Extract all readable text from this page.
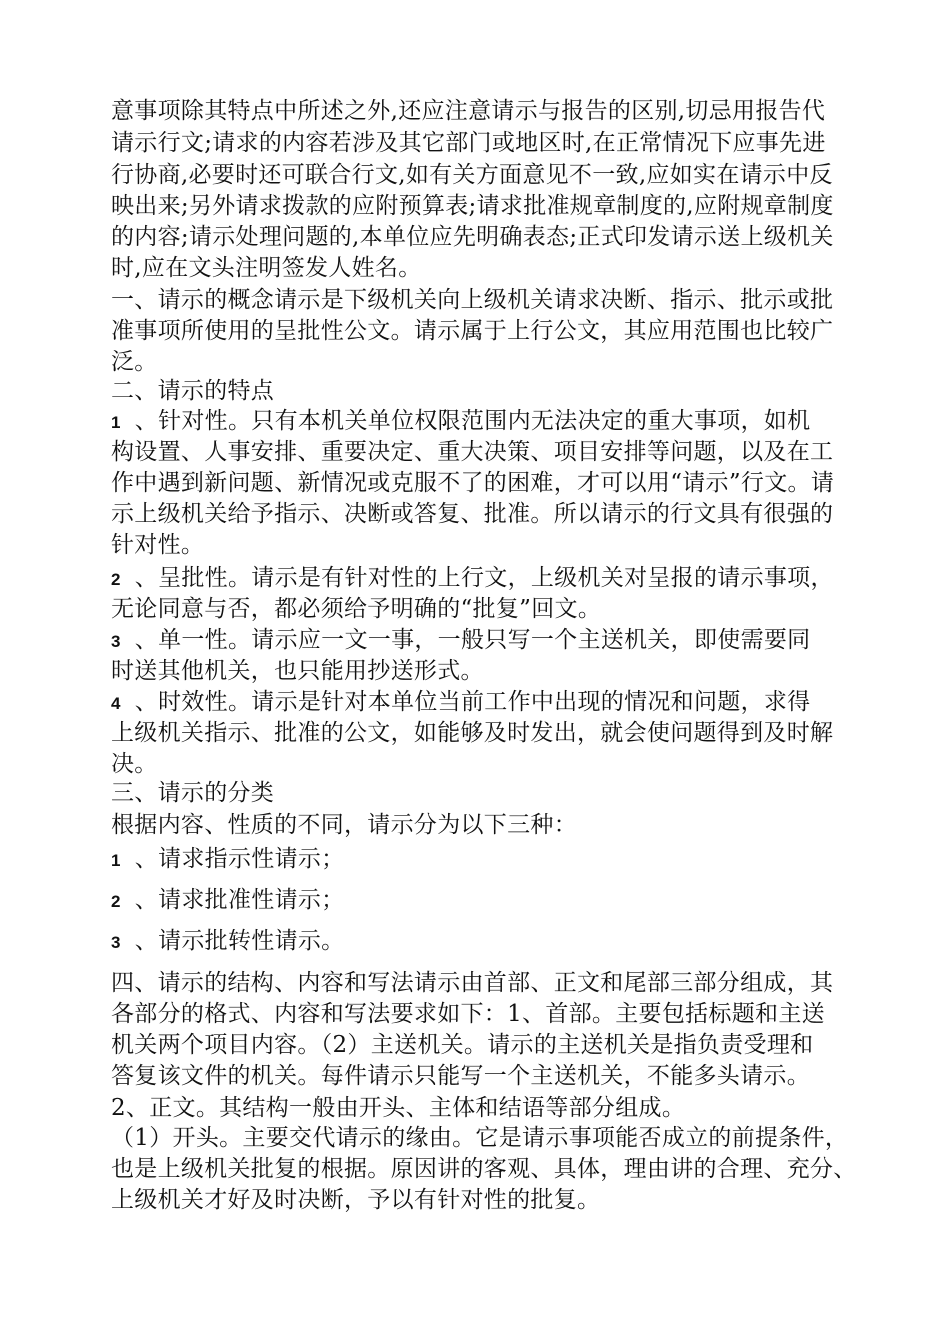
意事项除其特点中所述之外,还应注意请示与报告的区别,切忌用报告代

请示行文;请求的内容若涉及其它部门或地区时,在正常情况下应事先进

行协商,必要时还可联合行文,如有关方面意见不一致,应如实在请示中反

映出来;另外请求拨款的应附预算表;请求批准规章制度的,应附规章制度

的内容;请示处理问题的,本单位应先明确表态;正式印发请示送上级机关

时,应在文头注明签发人姓名。

一、请示的概念请示是下级机关向上级机关请求决断、指示、批示或批

准事项所使用的呈批性公文。请示属于上行公文，其应用范围也比较广

泛。

二、请示的特点

1 、针对性。只有本机关单位权限范围内无法决定的重大事项，如机

构设置、人事安排、重要决定、重大决策、项目安排等问题，以及在工

作中遇到新问题、新情况或克服不了的困难，才可以用“请示”行文。请

示上级机关给予指示、决断或答复、批准。所以请示的行文具有很强的

针对性。

2 、呈批性。请示是有针对性的上行文，上级机关对呈报的请示事项，

无论同意与否，都必须给予明确的“批复”回文。

3 、单一性。请示应一文一事，一般只写一个主送机关，即使需要同

时送其他机关，也只能用抄送形式。

4 、时效性。请示是针对本单位当前工作中出现的情况和问题，求得

上级机关指示、批准的公文，如能够及时发出，就会使问题得到及时解

决。

三、请示的分类

根据内容、性质的不同，请示分为以下三种：

1 、请求指示性请示；

2 、请求批准性请示；

3 、请示批转性请示。

四、请示的结构、内容和写法请示由首部、正文和尾部三部分组成，其

各部分的格式、内容和写法要求如下：1、首部。主要包括标题和主送

机关两个项目内容。（2）主送机关。请示的主送机关是指负责受理和

答复该文件的机关。每件请示只能写一个主送机关，不能多头请示。

2、正文。其结构一般由开头、主体和结语等部分组成。

（1）开头。主要交代请示的缘由。它是请示事项能否成立的前提条件，

也是上级机关批复的根据。原因讲的客观、具体，理由讲的合理、充分、

上级机关才好及时决断，予以有针对性的批复。
